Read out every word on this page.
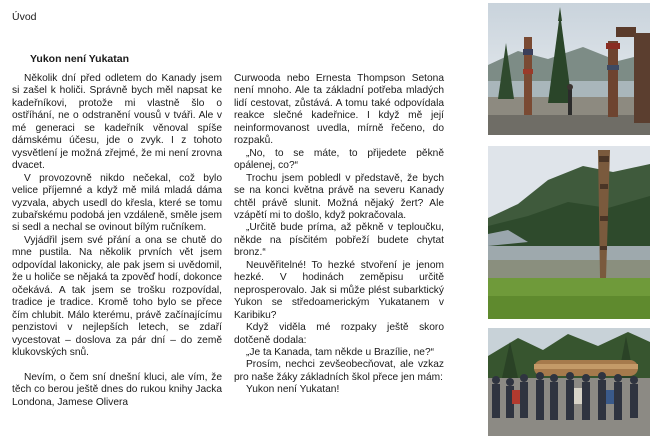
Úvod
Yukon není Yukatan

Několik dní před odletem do Kanady jsem si zašel k holiči. Správně bych měl napsat ke kadeřníkovi, protože mi vlastně šlo o ostříhání, ne o odstranění vousů v tváři. Ale v mé generaci se kadeřník věnoval spíše dámskému účesu, jde o zvyk. I z tohoto vysvětlení je možná zřejmé, že mi není zrovna dvacet.

V provozovně nikdo nečekal, což bylo velice příjemné a když mě milá mladá dáma vyzvala, abych usedl do křesla, které se tomu zubařskému podobá jen vzdáleně, směle jsem si sedl a nechal se ovinout bílým ručníkem.

Vyjádřil jsem své přání a ona se chutě do mne pustila. Na několik prvních vět jsem odpovídal lakonicky, ale pak jsem si uvědomil, že u holiče se nějaká ta zpověď hodí, dokonce očekává. A tak jsem se trošku rozpovídal, tradice je tradice. Kromě toho bylo se přece čím chlubit. Málo kterému, právě začínajícímu penzistovi v nejlepších letech, se zdaří vycestovat – doslova za pár dní – do země klukovských snů.

Nevím, o čem sní dnešní kluci, ale vím, že těch co berou ještě dnes do rukou knihy Jacka Londona, Jamese Olivera

Curwooda nebo Ernesta Thompson Setona není mnoho. Ale ta základní potřeba mladých lidí cestovat, zůstává. A tomu také odpovídala reakce slečné kadeřnice. I když mě její neinformovanost uvedla, mírně řečeno, do rozpaků.

„No, to se máte, to přijedete pěkně opálenej, co?“

Trochu jsem pobledl v představě, že bych se na konci května právě na severu Kanady chtěl právě slunit. Možná nějaký žert? Ale vzápětí mi to došlo, když pokračovala.

„Určitě bude príma, až pěkně v teploučku, někde na písčitém pobřeží budete chytat bronz.“

Neuvěřitelné! To hezké stvoření je jenom hezké. V hodinách zeměpisu určitě neprosperovalo. Jak si může plést subarktický Yukon se středoamerickým Yukatanem v Karibiku?

Když viděla mé rozpaky ještě skoro dotčeně dodala:

„Je ta Kanada, tam někde u Brazílie, ne?“

Prosím, nechci zevšeobecňovat, ale vzkaz pro naše žáky základních škol přece jen mám:

Yukon není Yukatan!
